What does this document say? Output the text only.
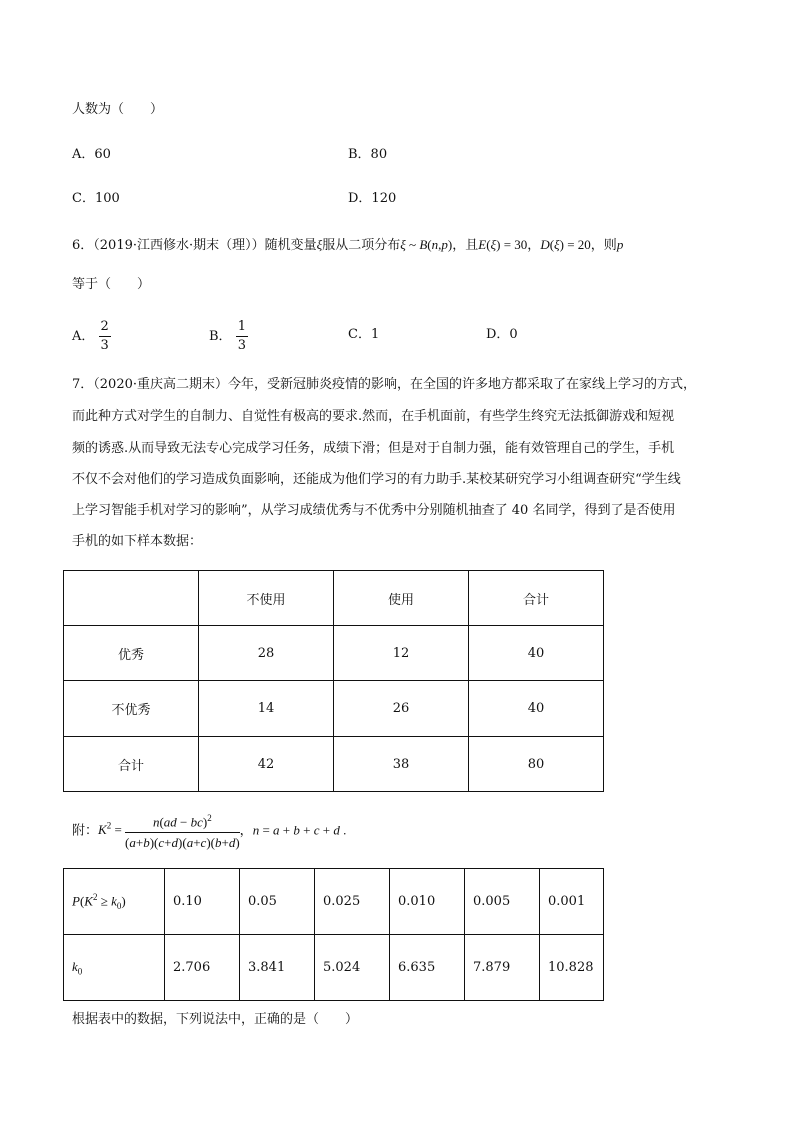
人数为（　　）
A．60	B．80
C．100	D．120
6．（2019·江西修水·期末（理））随机变量ξ服从二项分布ξ ~ B(n,p)，且E(ξ) = 30，D(ξ) = 20，则p
等于（　　）
A． $\frac{2}{3}$	B． $\frac{1}{3}$	C．1	D．0
7．（2020·重庆高二期末）今年，受新冠肺炎疫情的影响，在全国的许多地方都采取了在家线上学习的方式，
而此种方式对学生的自制力、自觉性有极高的要求.然而，在手机面前，有些学生终究无法抵御游戏和短视
频的诱惑.从而导致无法专心完成学习任务，成绩下滑；但是对于自制力强，能有效管理自己的学生，手机
不仅不会对他们的学习造成负面影响，还能成为他们学习的有力助手.某校某研究学习小组调查研究“学生线
上学习智能手机对学习的影响”，从学习成绩优秀与不优秀中分别随机抽查了 40 名同学，得到了是否使用
手机的如下样本数据：
	不使用	使用	合计
优秀	28	12	40
不优秀	14	26	40
合计	42	38	80
附：$K^2 = \frac{n(ad - bc)^2}{(a+b)(c+d)(a+c)(b+d)}$ ，n = a + b + c + d .
$P(K^2 \ge k_0)$	0.10	0.05	0.025	0.010	0.005	0.001
$k_0$	2.706	3.841	5.024	6.635	7.879	10.828
根据表中的数据，下列说法中，正确的是（　　）
